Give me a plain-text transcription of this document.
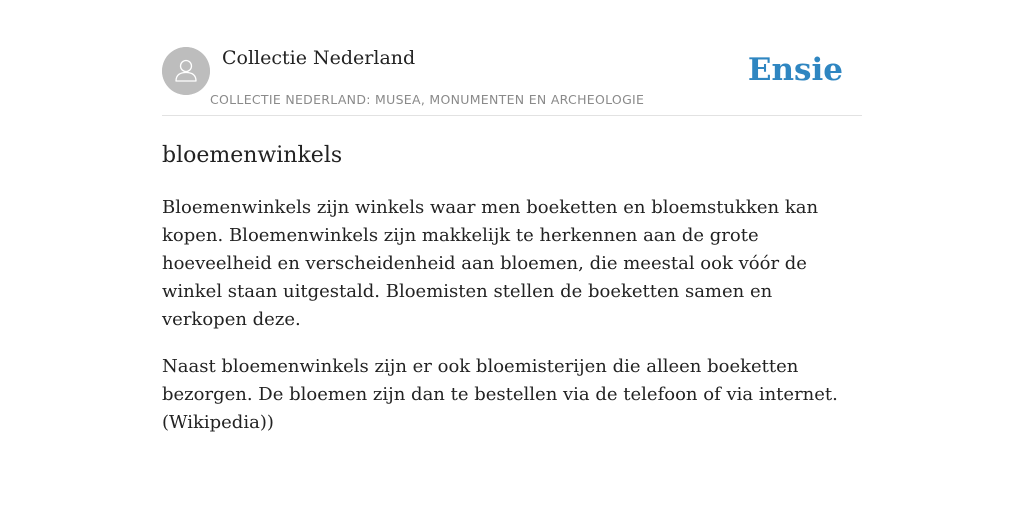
Collectie Nederland
COLLECTIE NEDERLAND: MUSEA, MONUMENTEN EN ARCHEOLOGIE
Ensie
bloemenwinkels

Bloemenwinkels zijn winkels waar men boeketten en bloemstukken kan kopen. Bloemenwinkels zijn makkelijk te herkennen aan de grote hoeveelheid en verscheidenheid aan bloemen, die meestal ook vóór de winkel staan uitgestald. Bloemisten stellen de boeketten samen en verkopen deze.

Naast bloemenwinkels zijn er ook bloemisterijen die alleen boeketten bezorgen. De bloemen zijn dan te bestellen via de telefoon of via internet. (Wikipedia))
